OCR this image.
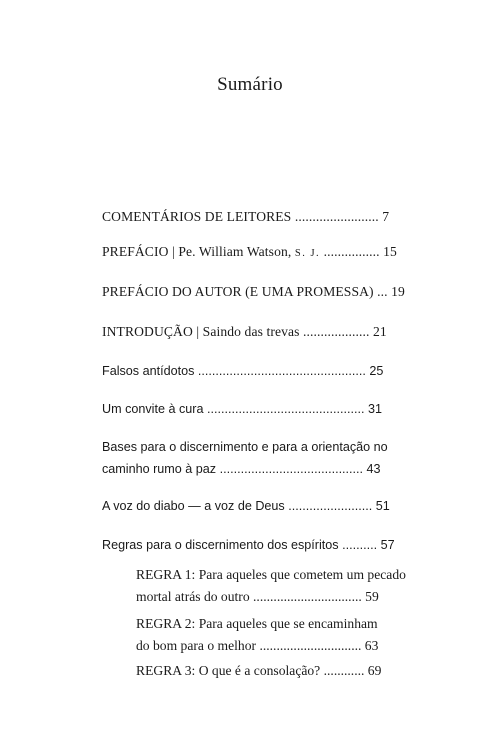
Sumário
COMENTÁRIOS DE LEITORES ........................ 7
PREFÁCIO | Pe. William Watson, S. J. ................ 15
PREFÁCIO DO AUTOR (E UMA PROMESSA) ... 19
INTRODUÇÃO | Saindo das trevas ................... 21
Falsos antídotos ................................................ 25
Um convite à cura ............................................. 31
Bases para o discernimento e para a orientação no
caminho rumo à paz ......................................... 43
A voz do diabo — a voz de Deus ........................ 51
Regras para o discernimento dos espíritos .......... 57
REGRA 1: Para aqueles que cometem um pecado
mortal atrás do outro ................................ 59
REGRA 2: Para aqueles que se encaminham
do bom para o melhor .............................. 63
REGRA 3: O que é a consolação? ............ 69
